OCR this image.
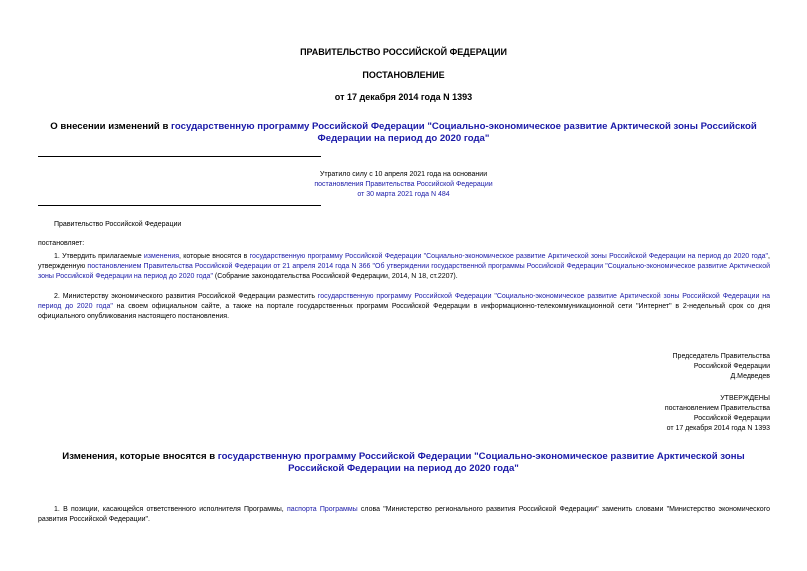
ПРАВИТЕЛЬСТВО РОССИЙСКОЙ ФЕДЕРАЦИИ
ПОСТАНОВЛЕНИЕ
от 17 декабря 2014 года N 1393
О внесении изменений в государственную программу Российской Федерации "Социально-экономическое развитие Арктической зоны Российской Федерации на период до 2020 года"
Утратило силу с 10 апреля 2021 года на основании
постановления Правительства Российской Федерации
от 30 марта 2021 года N 484
Правительство Российской Федерации
постановляет:
1. Утвердить прилагаемые изменения, которые вносятся в государственную программу Российской Федерации "Социально-экономическое развитие Арктической зоны Российской Федерации на период до 2020 года", утвержденную постановлением Правительства Российской Федерации от 21 апреля 2014 года N 366 "Об утверждении государственной программы Российской Федерации "Социально-экономическое развитие Арктической зоны Российской Федерации на период до 2020 года" (Собрание законодательства Российской Федерации, 2014, N 18, ст.2207).
2. Министерству экономического развития Российской Федерации разместить государственную программу Российской Федерации "Социально-экономическое развитие Арктической зоны Российской Федерации на период до 2020 года" на своем официальном сайте, а также на портале государственных программ Российской Федерации в информационно-телекоммуникационной сети "Интернет" в 2-недельный срок со дня официального опубликования настоящего постановления.
Председатель Правительства
Российской Федерации
Д.Медведев
УТВЕРЖДЕНЫ
постановлением Правительства
Российской Федерации
от 17 декабря 2014 года N 1393
Изменения, которые вносятся в государственную программу Российской Федерации "Социально-экономическое развитие Арктической зоны Российской Федерации на период до 2020 года"
1. В позиции, касающейся ответственного исполнителя Программы, паспорта Программы слова "Министерство регионального развития Российской Федерации" заменить словами "Министерство экономического развития Российской Федерации".
